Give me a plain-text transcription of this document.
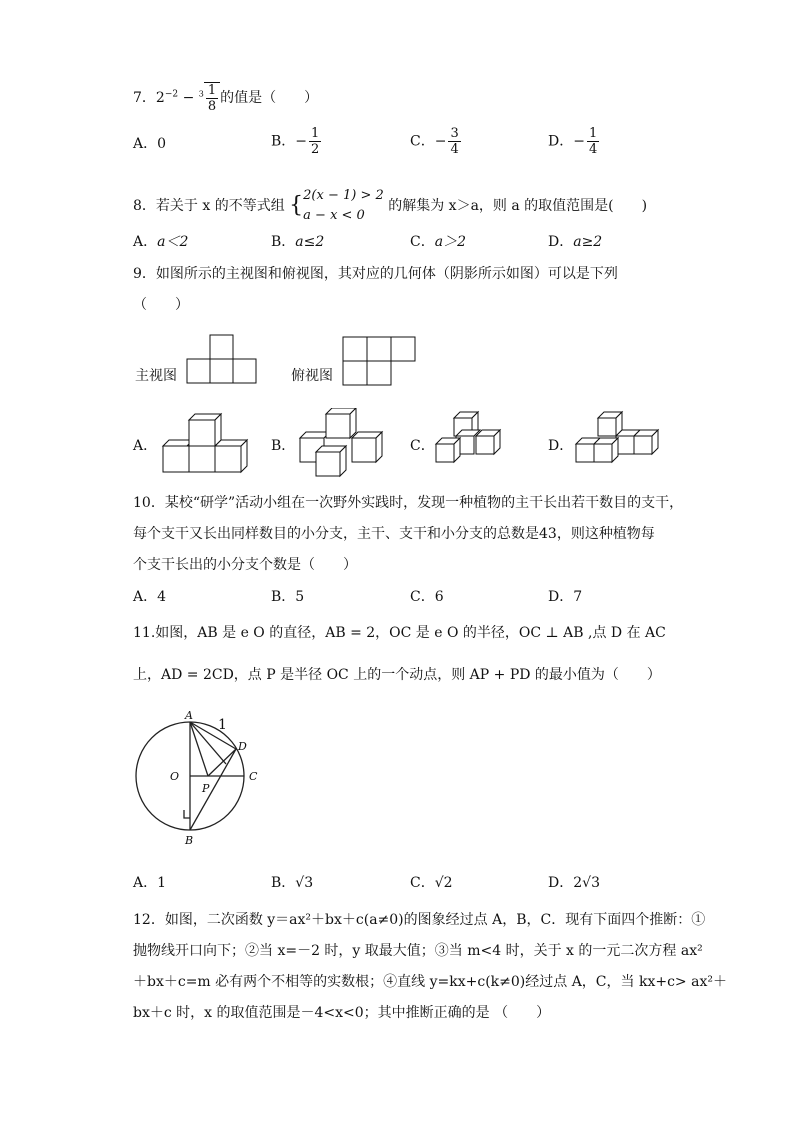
7．$2^{-2} - ^3 \frac{1}{8}$ 的值是（　　）
A．0	B．− $\frac{1}{2}$	C．− $\frac{3}{4}$	D．− $\frac{1}{4}$
8．若关于 x 的不等式组 { 2(x − 1) > 2
a − x < 0
的解集为 x＞a，则 a 的取值范围是(　　)
A．a＜2	B．a≤2	C．a＞2	D．a≥2
9．如图所示的主视图和俯视图，其对应的几何体（阴影所示如图）可以是下列
（　　）
主视图	俯视图
A．	B．	C．	D．
10．某校“研学”活动小组在一次野外实践时，发现一种植物的主干长出若干数目的支干，
每个支干又长出同样数目的小分支，主干、支干和小分支的总数是43，则这种植物每
个支干长出的小分支个数是（　　）
A．4	B．5	C．6	D．7
11.如图，AB 是 e O 的直径，AB = 2，OC 是 e O 的半径，OC ⊥ AB ,点 D 在 AC
上，AD = 2CD，点 P 是半径 OC 上的一个动点，则 AP + PD 的最小值为（　　）
A
1
D
O	C
P
B
A．1	B．√3	C．√2	D．2√3
12．如图，二次函数 y＝ax²＋bx＋c(a≠0)的图象经过点 A，B，C．现有下面四个推断：①
抛物线开口向下；②当 x=－2 时，y 取最大值；③当 m<4 时，关于 x 的一元二次方程 ax²
＋bx＋c=m 必有两个不相等的实数根；④直线 y=kx+c(k≠0)经过点 A，C，当 kx+c> ax²＋
bx＋c 时，x 的取值范围是－4<x<0；其中推断正确的是 （　　）
